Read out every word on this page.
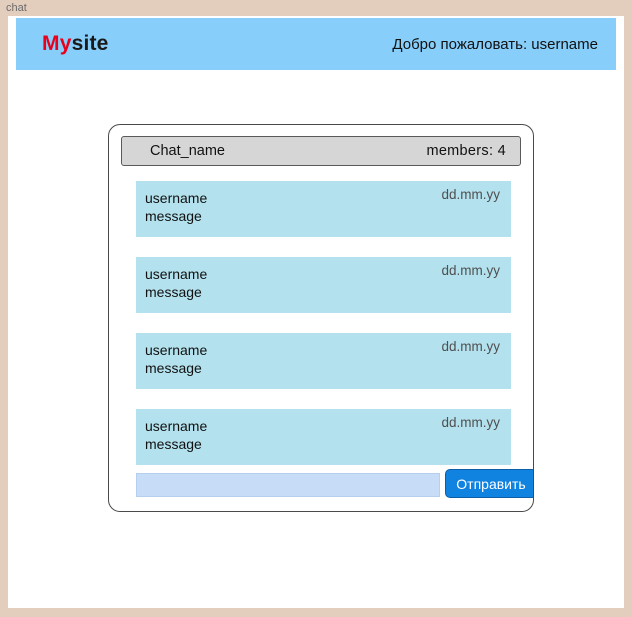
chat
Mysite	Добро пожаловать: username
Chat_name	members: 4
username
message
dd.mm.yy
username
message
dd.mm.yy
username
message
dd.mm.yy
username
message
dd.mm.yy
Отправить
